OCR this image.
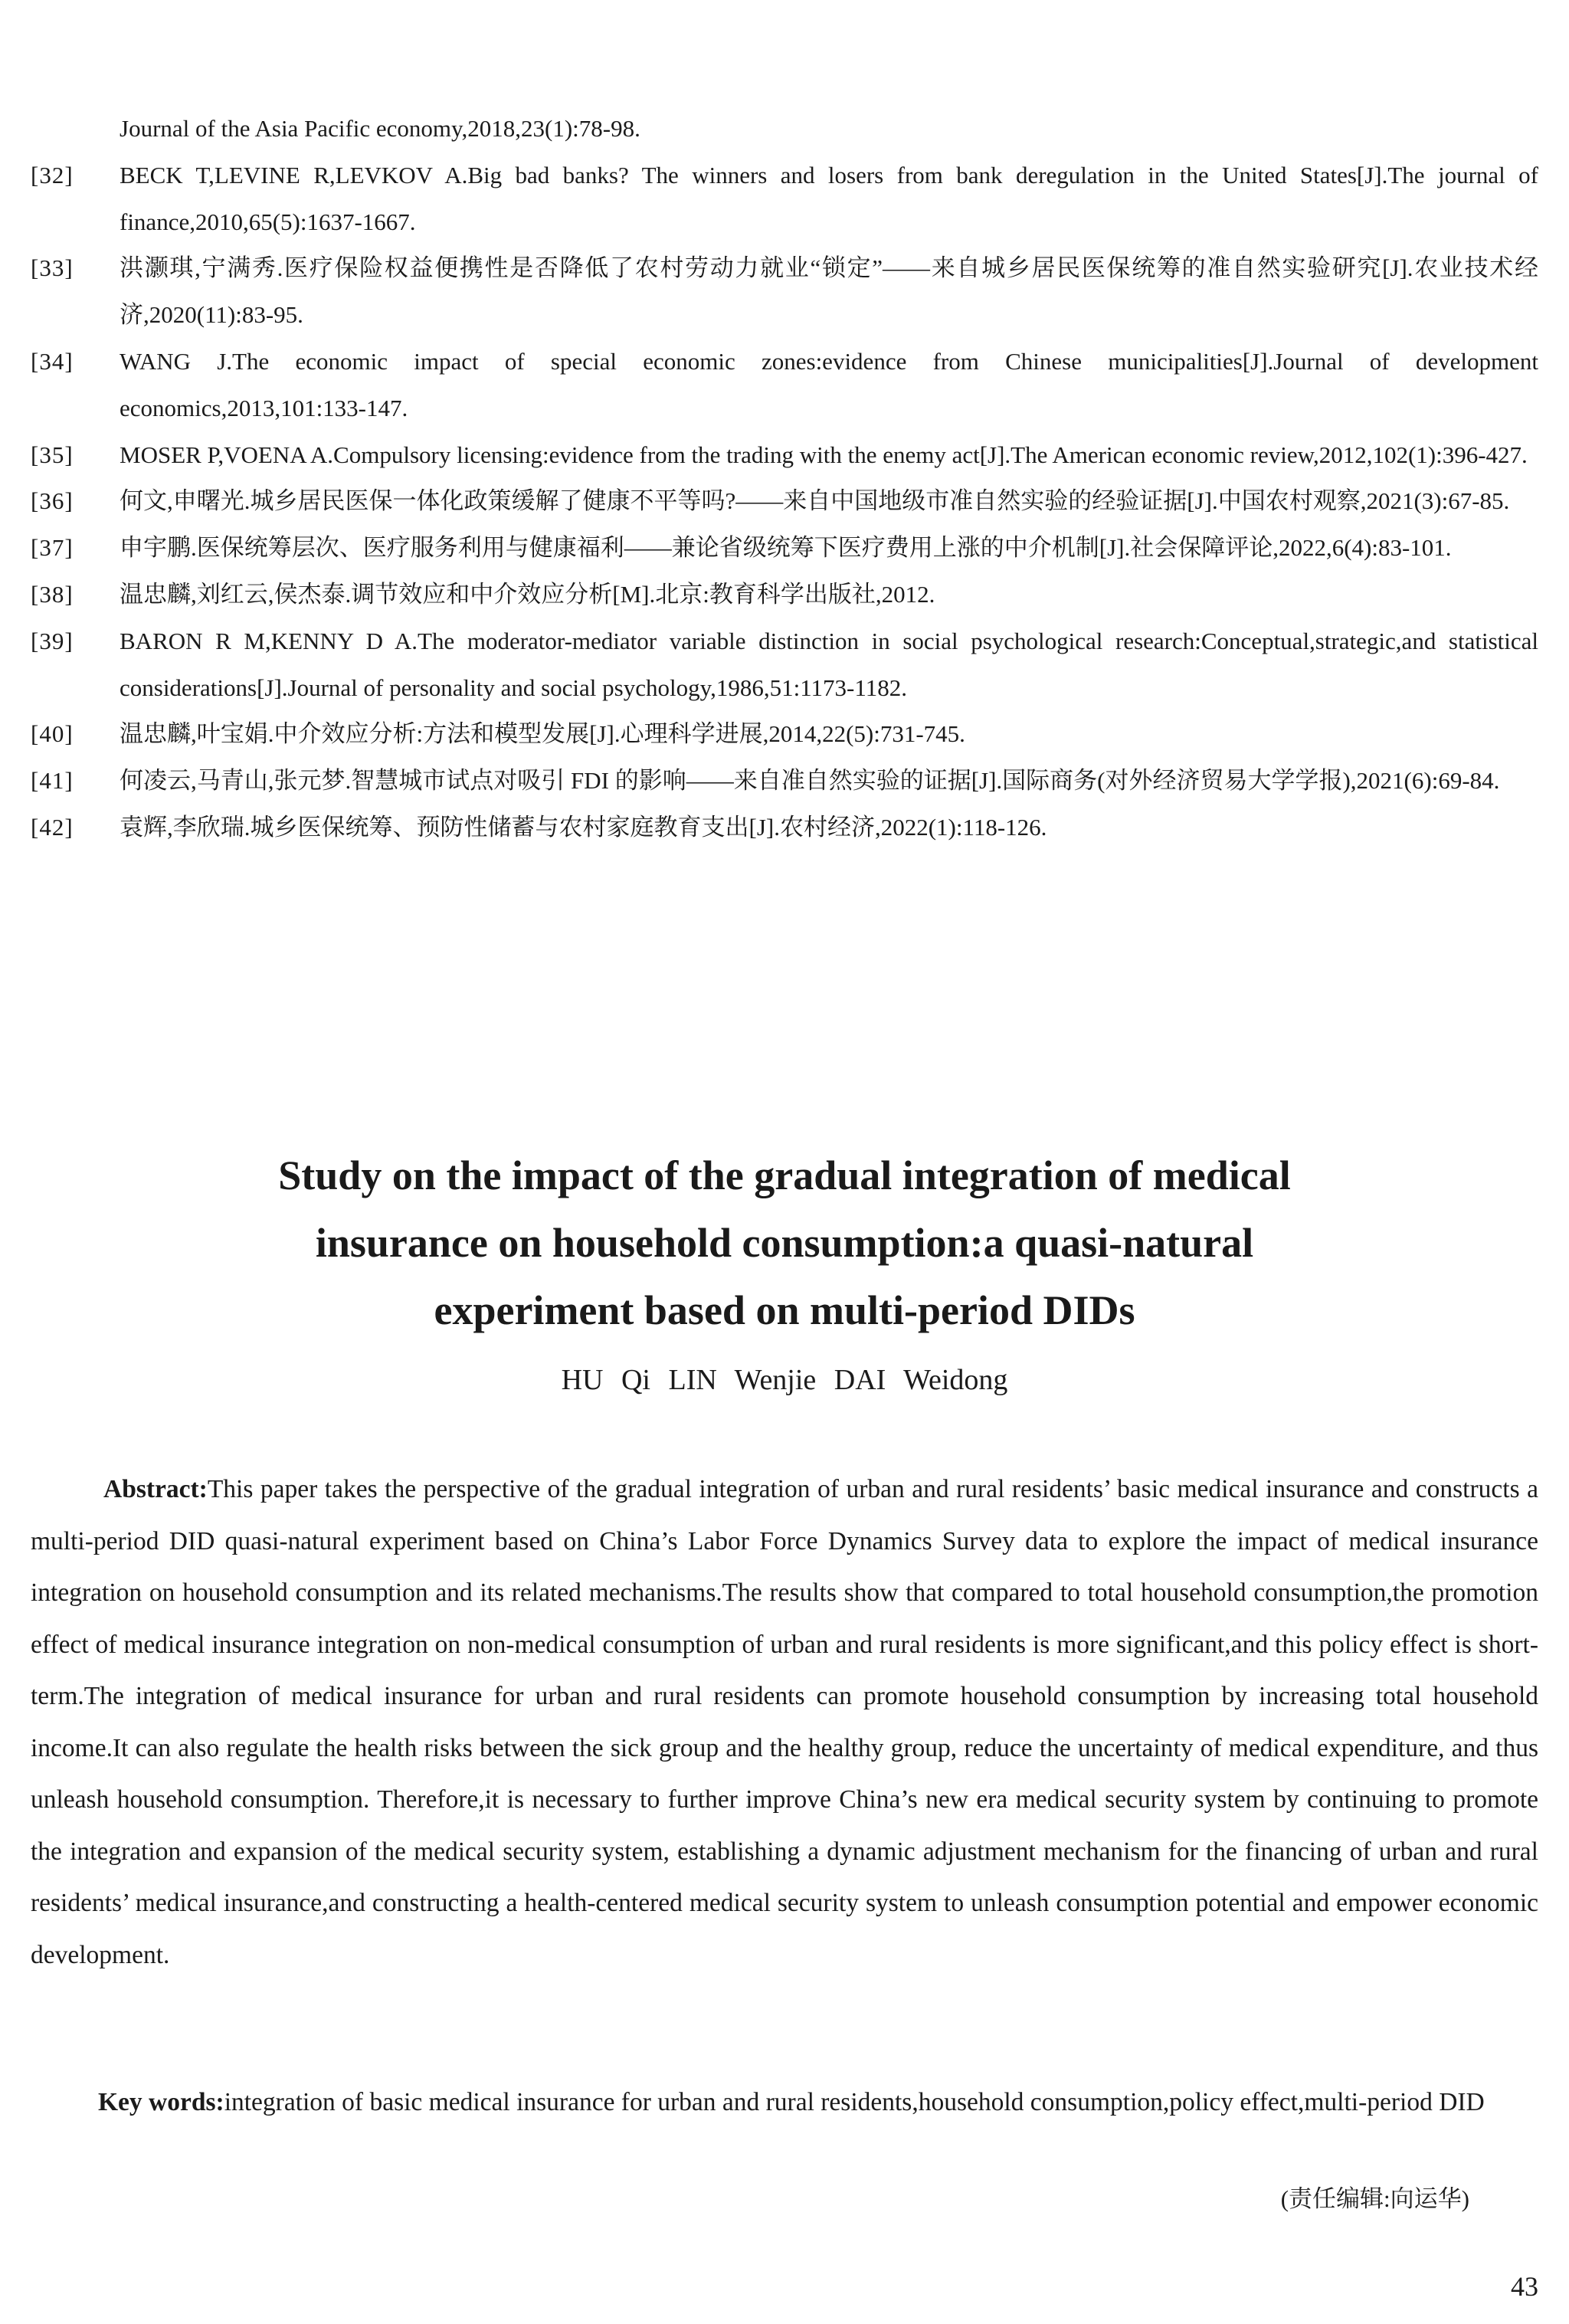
Journal of the Asia Pacific economy,2018,23(1):78-98.
[32]	BECK T,LEVINE R,LEVKOV A.Big bad banks? The winners and losers from bank deregulation in the United States[J].The journal of finance,2010,65(5):1637-1667.
[33]	洪灏琪,宁满秀.医疗保险权益便携性是否降低了农村劳动力就业“锁定”——来自城乡居民医保统筹的准自然实验研究[J].农业技术经济,2020(11):83-95.
[34]	WANG J.The economic impact of special economic zones:evidence from Chinese municipalities[J].Journal of development economics,2013,101:133-147.
[35]	MOSER P,VOENA A.Compulsory licensing:evidence from the trading with the enemy act[J].The American economic review,2012,102(1):396-427.
[36]	何文,申曙光.城乡居民医保一体化政策缓解了健康不平等吗?——来自中国地级市准自然实验的经验证据[J].中国农村观察,2021(3):67-85.
[37]	申宇鹏.医保统筹层次、医疗服务利用与健康福利——兼论省级统筹下医疗费用上涨的中介机制[J].社会保障评论,2022,6(4):83-101.
[38]	温忠麟,刘红云,侯杰泰.调节效应和中介效应分析[M].北京:教育科学出版社,2012.
[39]	BARON R M,KENNY D A.The moderator-mediator variable distinction in social psychological research:Conceptual,strategic,and statistical considerations[J].Journal of personality and social psychology,1986,51:1173-1182.
[40]	温忠麟,叶宝娟.中介效应分析:方法和模型发展[J].心理科学进展,2014,22(5):731-745.
[41]	何凌云,马青山,张元梦.智慧城市试点对吸引 FDI 的影响——来自准自然实验的证据[J].国际商务(对外经济贸易大学学报),2021(6):69-84.
[42]	袁辉,李欣瑞.城乡医保统筹、预防性储蓄与农村家庭教育支出[J].农村经济,2022(1):118-126.
Study on the impact of the gradual integration of medical
insurance on household consumption:a quasi-natural
experiment based on multi-period DIDs
HU Qi LIN Wenjie DAI Weidong
Abstract:This paper takes the perspective of the gradual integration of urban and rural residents’ basic medical insurance and constructs a multi-period DID quasi-natural experiment based on China’s Labor Force Dynamics Survey data to explore the impact of medical insurance integration on household consumption and its related mechanisms.The results show that compared to total household consumption,the promotion effect of medical insurance integration on non-medical consumption of urban and rural residents is more significant,and this policy effect is short-term.The integration of medical insurance for urban and rural residents can promote household consumption by increasing total household income.It can also regulate the health risks between the sick group and the healthy group, reduce the uncertainty of medical expenditure, and thus unleash household consumption. Therefore,it is necessary to further improve China’s new era medical security system by continuing to promote the integration and expansion of the medical security system, establishing a dynamic adjustment mechanism for the financing of urban and rural residents’ medical insurance,and constructing a health-centered medical security system to unleash consumption potential and empower economic development.
Key words:integration of basic medical insurance for urban and rural residents,household consumption,policy effect,multi-period DID
(责任编辑:向运华)
43
